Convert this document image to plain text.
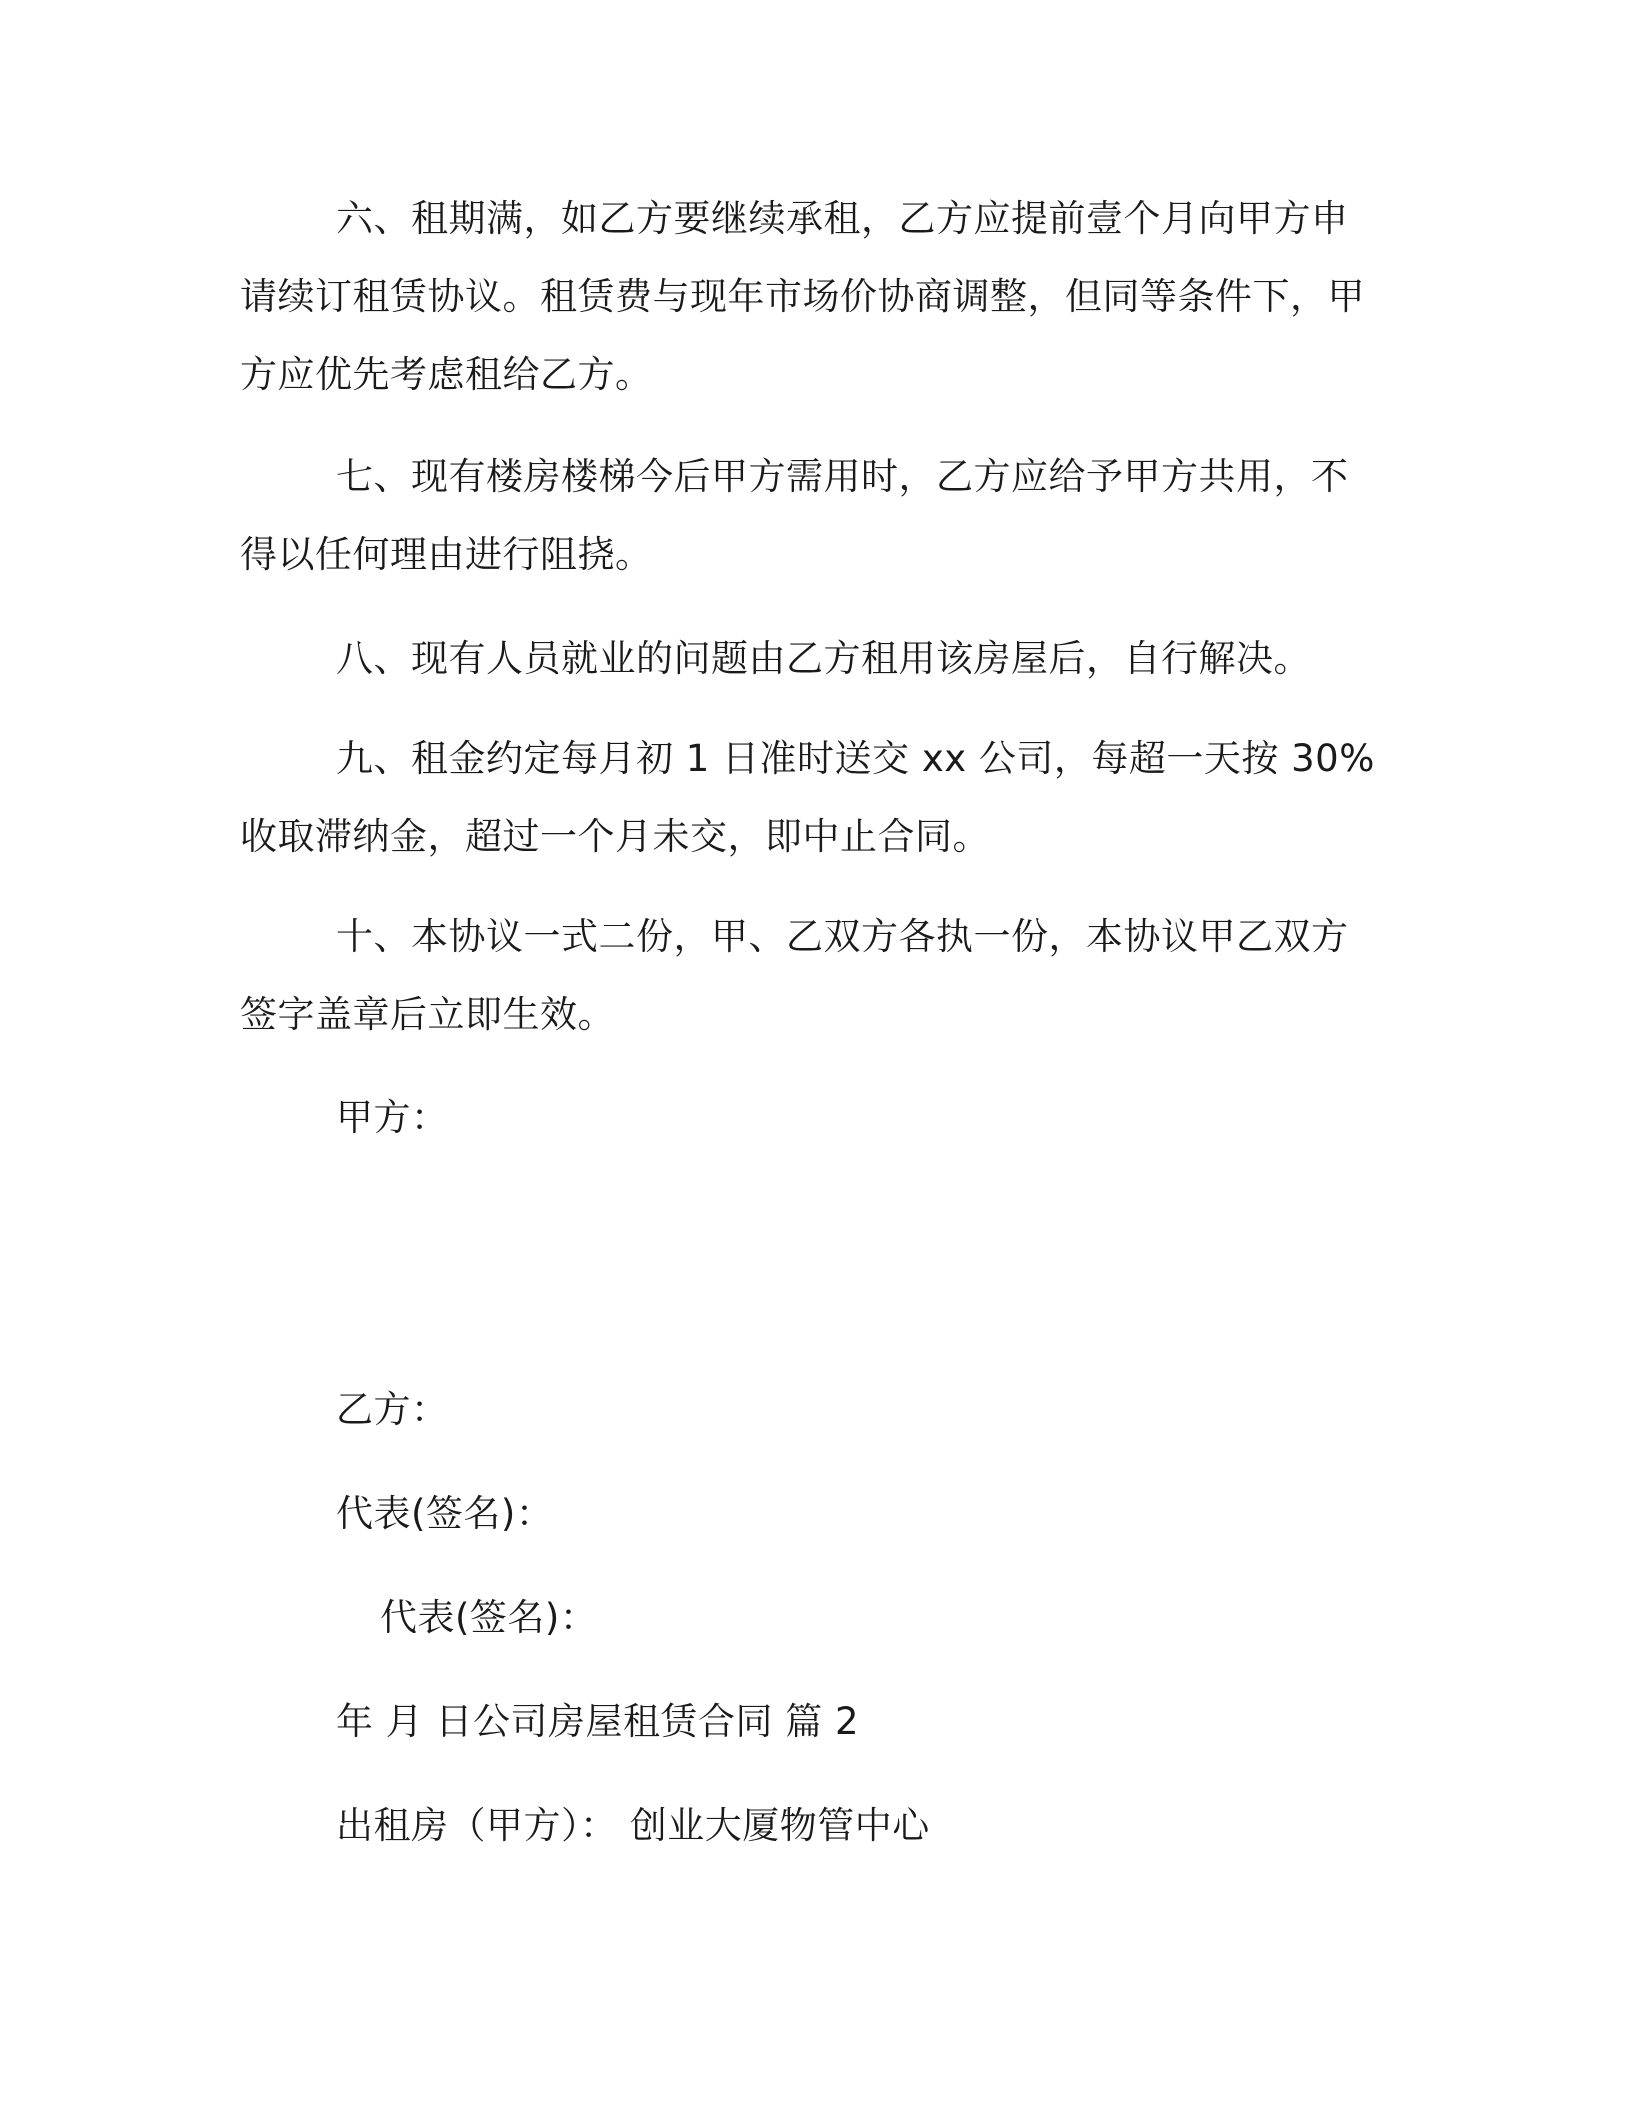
六、租期满，如乙方要继续承租，乙方应提前壹个月向甲方申请续订租赁协议。租赁费与现年市场价协商调整，但同等条件下，甲方应优先考虑租给乙方。

七、现有楼房楼梯今后甲方需用时，乙方应给予甲方共用，不得以任何理由进行阻挠。

八、现有人员就业的问题由乙方租用该房屋后，自行解决。

九、租金约定每月初 1 日准时送交 xx 公司，每超一天按 30%收取滞纳金，超过一个月未交，即中止合同。

十、本协议一式二份，甲、乙双方各执一份，本协议甲乙双方签字盖章后立即生效。

甲方：

乙方：

代表(签名)：

代表(签名)：

年 月 日公司房屋租赁合同 篇 2

出租房（甲方）： 创业大厦物管中心
